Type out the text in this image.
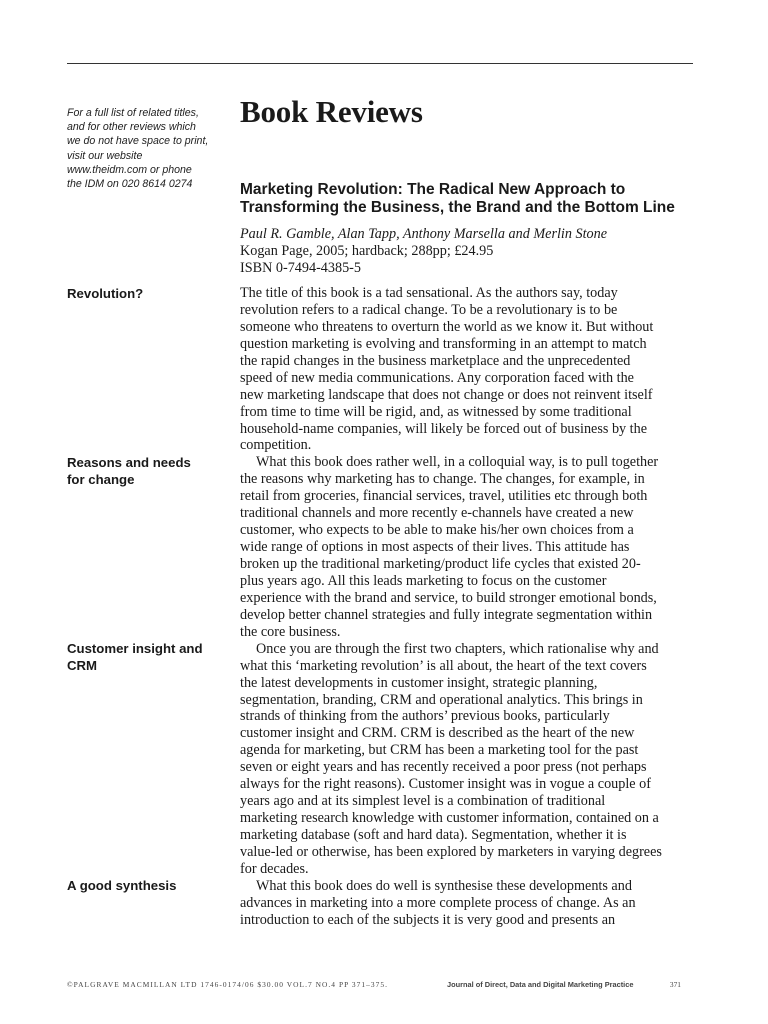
For a full list of related titles,
and for other reviews which
we do not have space to print,
visit our website
www.theidm.com or phone
the IDM on 020 8614 0274
Book Reviews
Marketing Revolution: The Radical New Approach to
Transforming the Business, the Brand and the Bottom Line
Paul R. Gamble, Alan Tapp, Anthony Marsella and Merlin Stone
Kogan Page, 2005; hardback; 288pp; £24.95
ISBN 0-7494-4385-5
Revolution?
Reasons and needs
for change
Customer insight and
CRM
A good synthesis
The title of this book is a tad sensational. As the authors say, today
revolution refers to a radical change. To be a revolutionary is to be
someone who threatens to overturn the world as we know it. But without
question marketing is evolving and transforming in an attempt to match
the rapid changes in the business marketplace and the unprecedented
speed of new media communications. Any corporation faced with the
new marketing landscape that does not change or does not reinvent itself
from time to time will be rigid, and, as witnessed by some traditional
household-name companies, will likely be forced out of business by the
competition.
What this book does rather well, in a colloquial way, is to pull together
the reasons why marketing has to change. The changes, for example, in
retail from groceries, financial services, travel, utilities etc through both
traditional channels and more recently e-channels have created a new
customer, who expects to be able to make his/her own choices from a
wide range of options in most aspects of their lives. This attitude has
broken up the traditional marketing/product life cycles that existed 20-
plus years ago. All this leads marketing to focus on the customer
experience with the brand and service, to build stronger emotional bonds,
develop better channel strategies and fully integrate segmentation within
the core business.
Once you are through the first two chapters, which rationalise why and
what this ‘marketing revolution’ is all about, the heart of the text covers
the latest developments in customer insight, strategic planning,
segmentation, branding, CRM and operational analytics. This brings in
strands of thinking from the authors’ previous books, particularly
customer insight and CRM. CRM is described as the heart of the new
agenda for marketing, but CRM has been a marketing tool for the past
seven or eight years and has recently received a poor press (not perhaps
always for the right reasons). Customer insight was in vogue a couple of
years ago and at its simplest level is a combination of traditional
marketing research knowledge with customer information, contained on a
marketing database (soft and hard data). Segmentation, whether it is
value-led or otherwise, has been explored by marketers in varying degrees
for decades.
What this book does do well is synthesise these developments and
advances in marketing into a more complete process of change. As an
introduction to each of the subjects it is very good and presents an
©PALGRAVE MACMILLAN LTD 1746-0174/06 $30.00 VOL.7 NO.4 PP 371–375.	Journal of Direct, Data and Digital Marketing Practice	371
